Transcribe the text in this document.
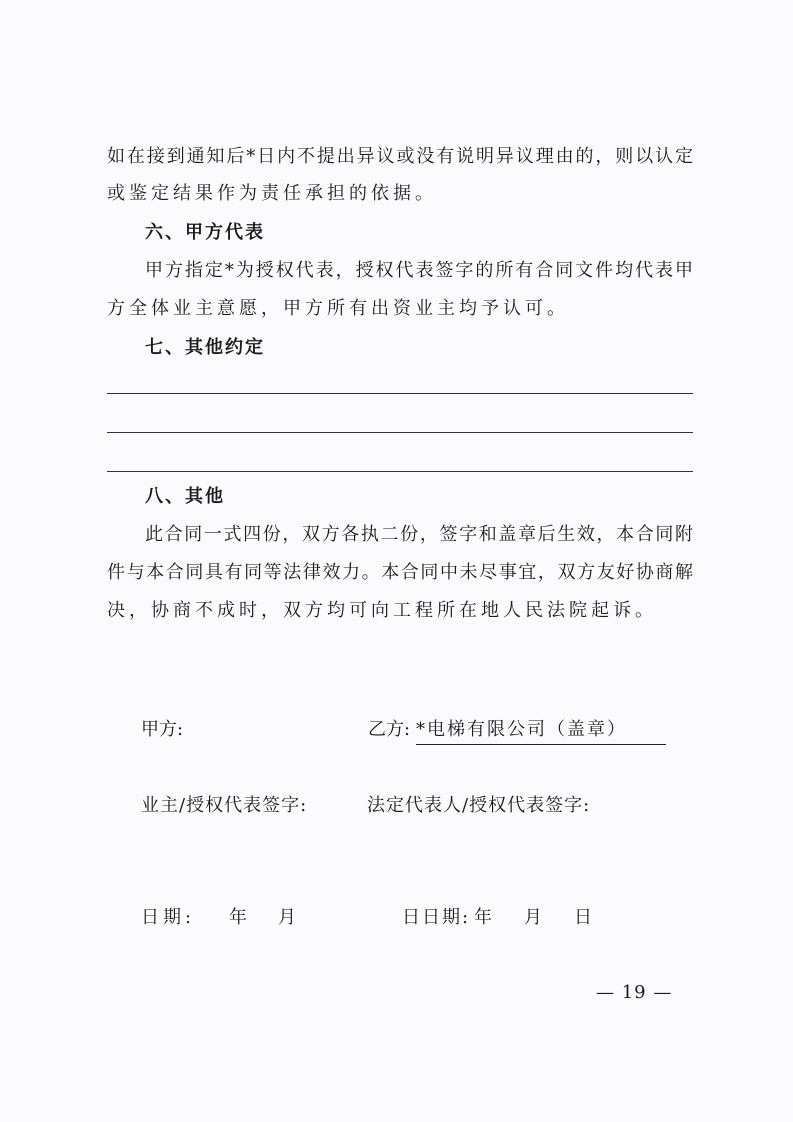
如在接到通知后*日内不提出异议或没有说明异议理由的，则以认定
或鉴定结果作为责任承担的依据。
六、甲方代表
甲方指定*为授权代表，授权代表签字的所有合同文件均代表甲
方全体业主意愿，甲方所有出资业主均予认可。
七、其他约定
八、其他
此合同一式四份，双方各执二份，签字和盖章后生效，本合同附
件与本合同具有同等法律效力。本合同中未尽事宜，双方友好协商解
决，协商不成时，双方均可向工程所在地人民法院起诉。
甲方:	乙方: *电梯有限公司（盖章）
业主/授权代表签字:	法定代表人/授权代表签字:
日期: 年 月	日日期: 年 月 日
— 19 —
